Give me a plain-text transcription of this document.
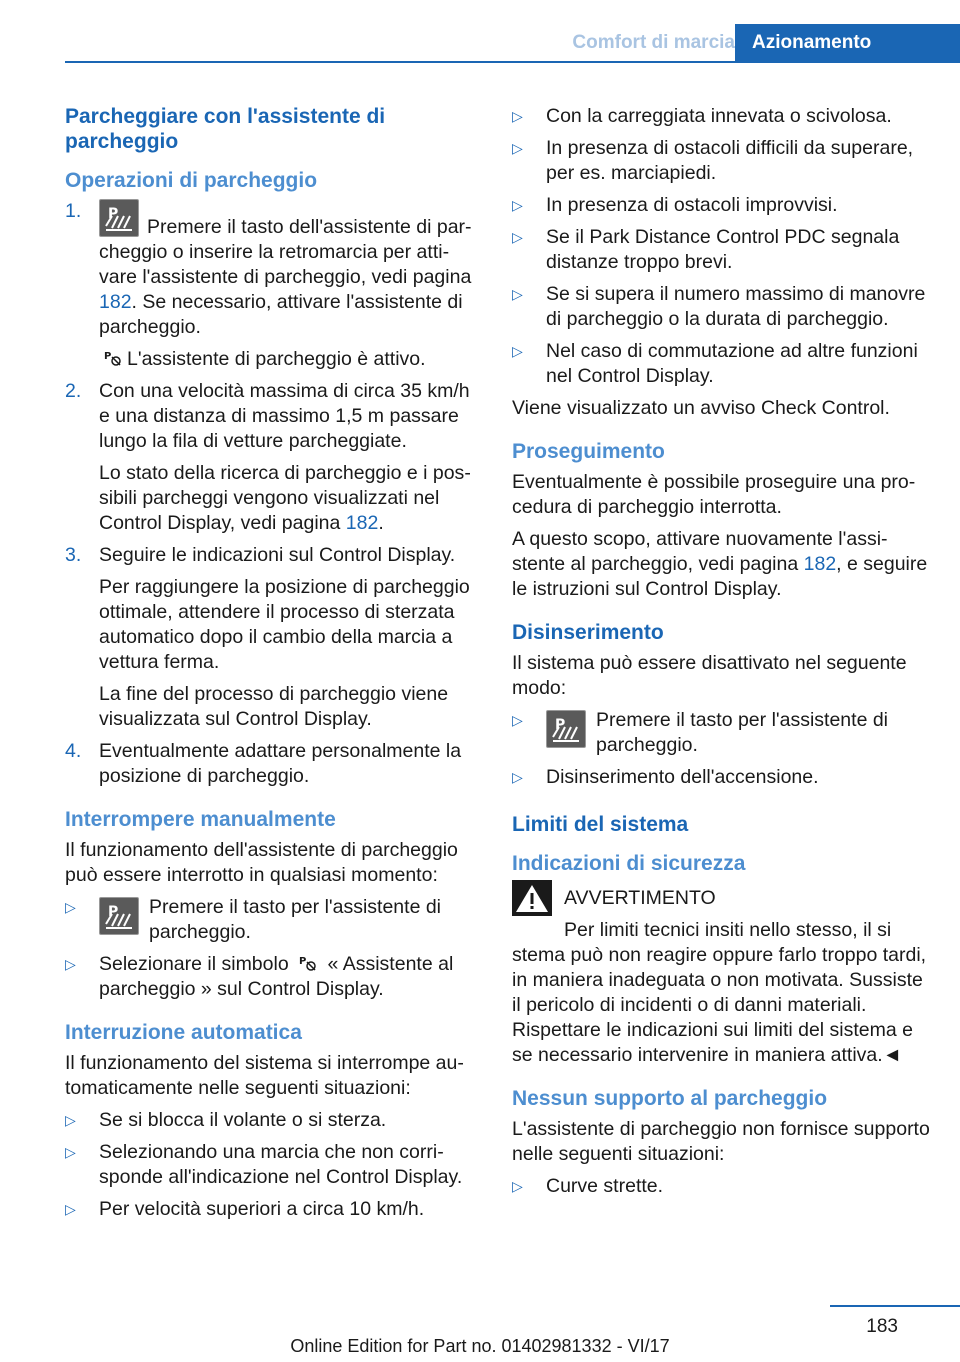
Comfort di marcia Azionamento
Parcheggiare con l'assistente di parcheggio
Operazioni di parcheggio
1. P
Premere il tasto dell'assistente di parcheggio o inserire la retromarcia per attivare l'assistente di parcheggio, vedi pagina 182. Se necessario, attivare l'assistente di parcheggio.

P L'assistente di parcheggio è attivo.

2. Con una velocità massima di circa 35 km/h e una distanza di massimo 1,5 m passare lungo la fila di vetture parcheggiate.

Lo stato della ricerca di parcheggio e i possibili parcheggi vengono visualizzati nel Control Display, vedi pagina 182.

3. Seguire le indicazioni sul Control Display.

Per raggiungere la posizione di parcheggio ottimale, attendere il processo di sterzata automatico dopo il cambio della marcia a vettura ferma.

La fine del processo di parcheggio viene visualizzata sul Control Display.

4. Eventualmente adattare personalmente la posizione di parcheggio.

Interrompere manualmente

Il funzionamento dell'assistente di parcheggio può essere interrotto in qualsiasi momento:

▷ P Premere il tasto per l'assistente di parcheggio.
▷ Selezionare il simbolo P « Assistente al parcheggio » sul Control Display.
Interruzione automatica

Il funzionamento del sistema si interrompe automaticamente nelle seguenti situazioni:

▷ Se si blocca il volante o si sterza.
▷ Selezionando una marcia che non corrisponde all'indicazione nel Control Display.
▷ Per velocità superiori a circa 10 km/h.
▷ Con la carreggiata innevata o scivolosa.
▷ In presenza di ostacoli difficili da superare, per es. marciapiedi.
▷ In presenza di ostacoli improvvisi.
▷ Se il Park Distance Control PDC segnala distanze troppo brevi.
▷ Se si supera il numero massimo di manovre di parcheggio o la durata di parcheggio.
▷ Nel caso di commutazione ad altre funzioni nel Control Display.

Viene visualizzato un avviso Check Control.

Proseguimento

Eventualmente è possibile proseguire una procedura di parcheggio interrotta.

A questo scopo, attivare nuovamente l'assistente al parcheggio, vedi pagina 182, e seguire le istruzioni sul Control Display.

Disinserimento

Il sistema può essere disattivato nel seguente modo:

▷ P Premere il tasto per l'assistente di parcheggio.
▷ Disinserimento dell'accensione.
Limiti del sistema
Indicazioni di sicurezza

AVVERTIMENTO

Per limiti tecnici insiti nello stesso, il si

stema può non reagire oppure farlo troppo tardi, in maniera inadeguata o non motivata. Sussiste il pericolo di incidenti o di danni materiali. Rispettare le indicazioni sui limiti del sistema e se necessario intervenire in maniera attiva.◄

Nessun supporto al parcheggio

L'assistente di parcheggio non fornisce supporto nelle seguenti situazioni:

▷ Curve strette.
183
Online Edition for Part no. 01402981332 - VI/17
